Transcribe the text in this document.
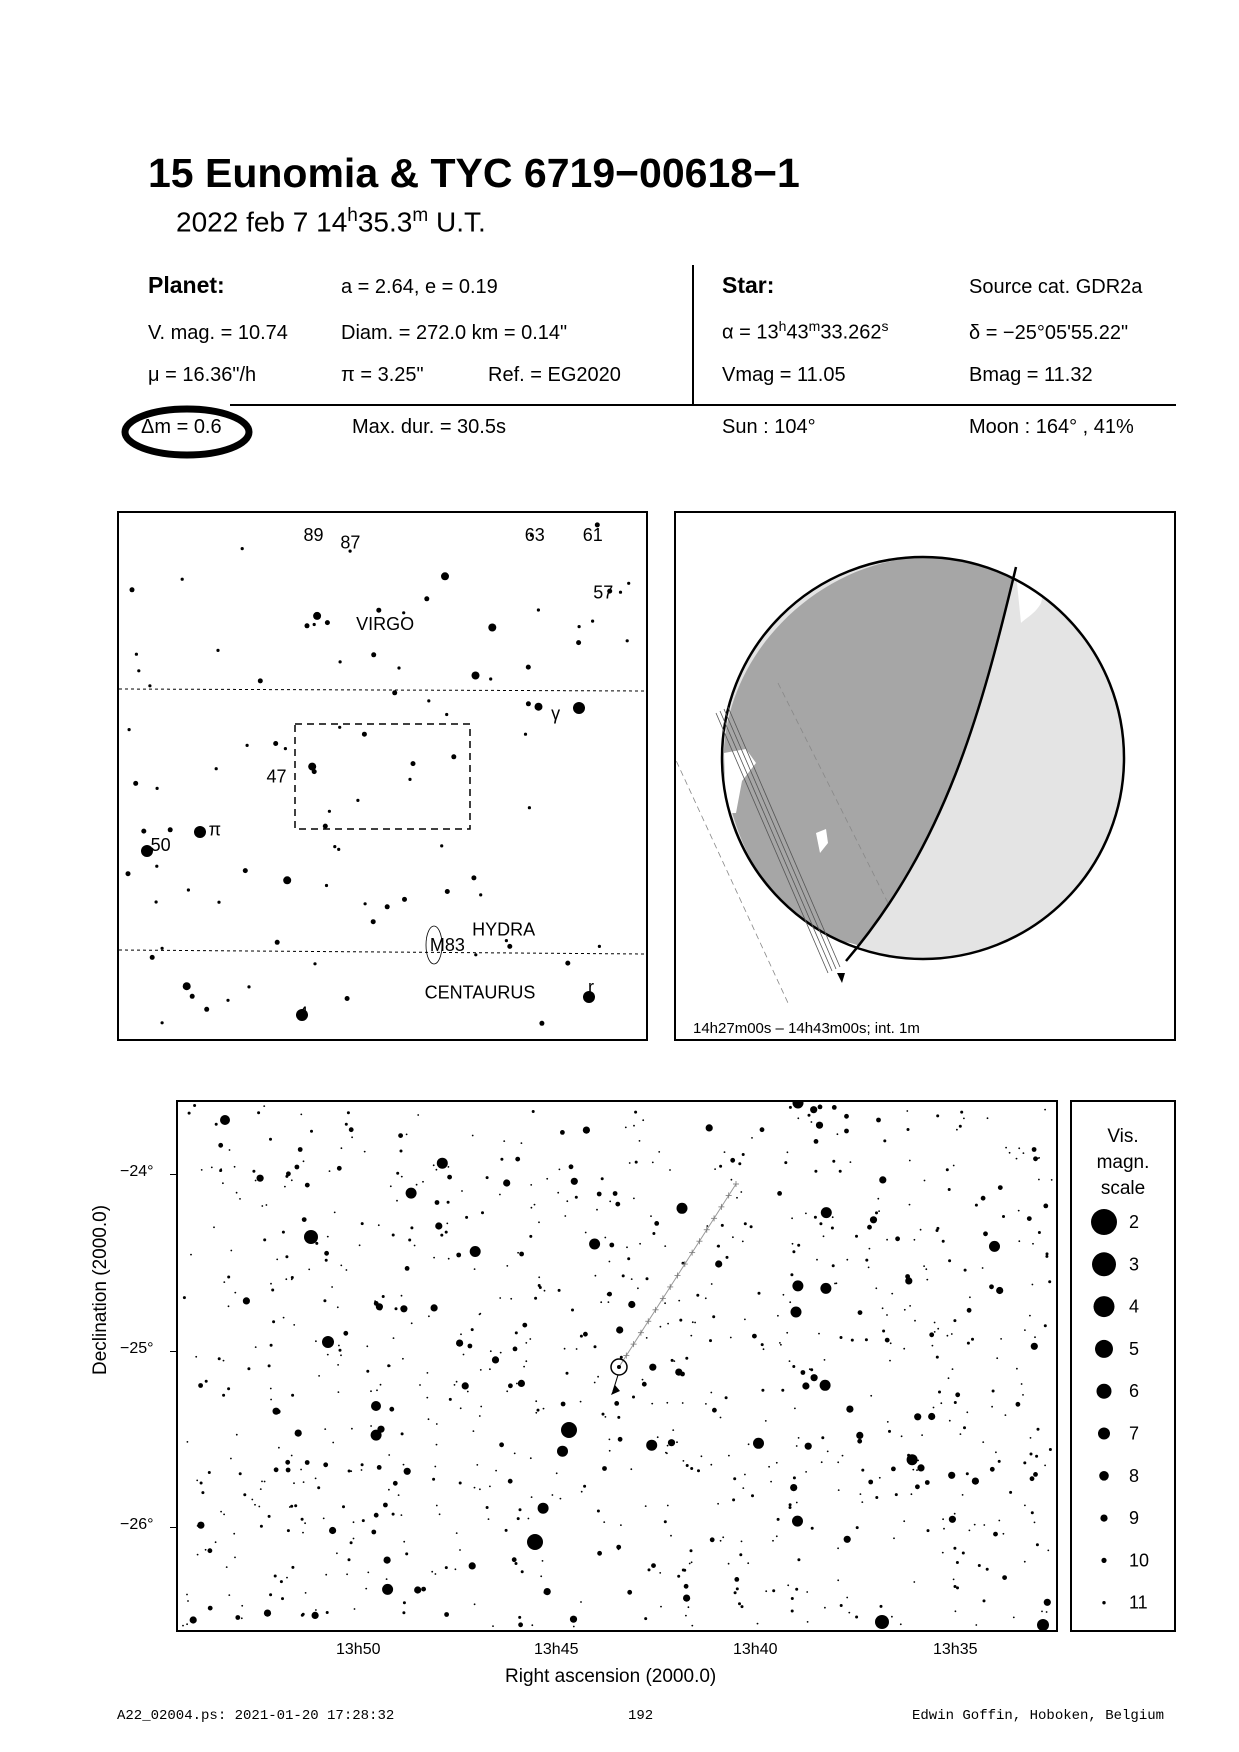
15 Eunomia & TYC 6719−00618−1
2022 feb 7 14$^h$35.3$^m$ U.T.
Planet:	a = 2.64, e = 0.19
V. mag. = 10.74	Diam. = 272.0 km = 0.14"
μ = 16.36"/h	π = 3.25"	Ref. = EG2020
Δm = 0.6	Max. dur. = 30.5s
Star:	Source cat. GDR2a
$\alpha = 13^h43^m33.262^s$	δ = −25°05'55.22"
Vmag = 11.05	Bmag = 11.32
Sun : 104°	Moon : 164° , 41%
89 87	63 61
57
VIRGO
γ
47
π
50
HYDRA
M83
CENTAURUS	r
4
14h27m00s – 14h43m00s; int. 1m
Declination (2000.0)
−24°
−25°
−26°
13h50	13h45	13h40	13h35
Right ascension (2000.0)
Vis.
magn.
scale
2
3
4
5
6
7
8
9
10
11
A22_02004.ps: 2021-01-20 17:28:32	192	Edwin Goffin, Hoboken, Belgium
